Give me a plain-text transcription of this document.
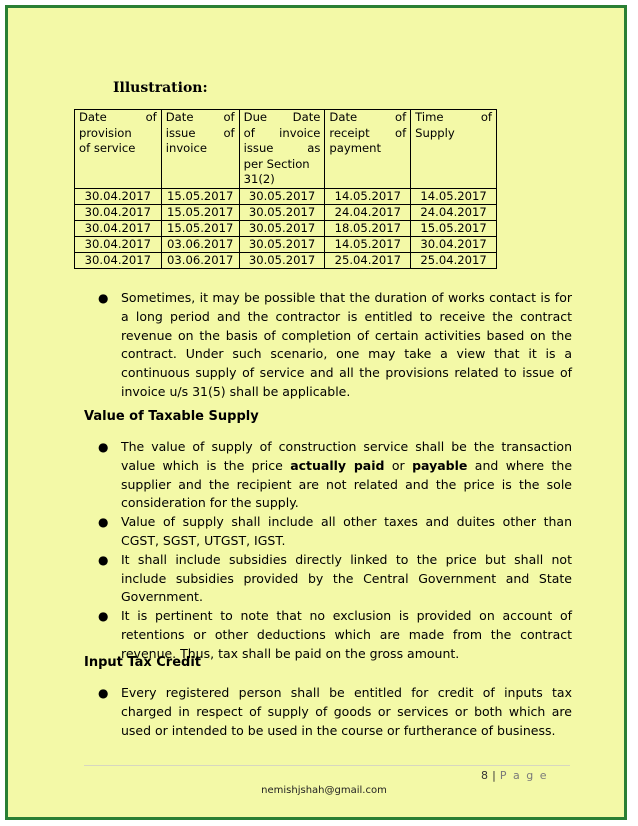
Illustration:
Date of
provision
of service	Date of
issue of
invoice	Due Date
of invoice
issue as
per Section
31(2)	Date of
receipt of
payment	Time of
Supply

30.04.2017	15.05.2017	30.05.2017	14.05.2017	14.05.2017
30.04.2017	15.05.2017	30.05.2017	24.04.2017	24.04.2017
30.04.2017	15.05.2017	30.05.2017	18.05.2017	15.05.2017
30.04.2017	03.06.2017	30.05.2017	14.05.2017	30.04.2017
30.04.2017	03.06.2017	30.05.2017	25.04.2017	25.04.2017
● Sometimes, it may be possible that the duration of works contact is for a long period and the contractor is entitled to receive the contract revenue on the basis of completion of certain activities based on the contract. Under such scenario, one may take a view that it is a continuous supply of service and all the provisions related to issue of invoice u/s 31(5) shall be applicable.
Value of Taxable Supply
● The value of supply of construction service shall be the transaction value which is the price actually paid or payable and where the supplier and the recipient are not related and the price is the sole consideration for the supply.
● Value of supply shall include all other taxes and duites other than CGST, SGST, UTGST, IGST.
● It shall include subsidies directly linked to the price but shall not include subsidies provided by the Central Government and State Government.
● It is pertinent to note that no exclusion is provided on account of retentions or other deductions which are made from the contract revenue. Thus, tax shall be paid on the gross amount.
Input Tax Credit
● Every registered person shall be entitled for credit of inputs tax charged in respect of supply of goods or services or both which are used or intended to be used in the course or furtherance of business.
8 | P a g e
nemishjshah@gmail.com
